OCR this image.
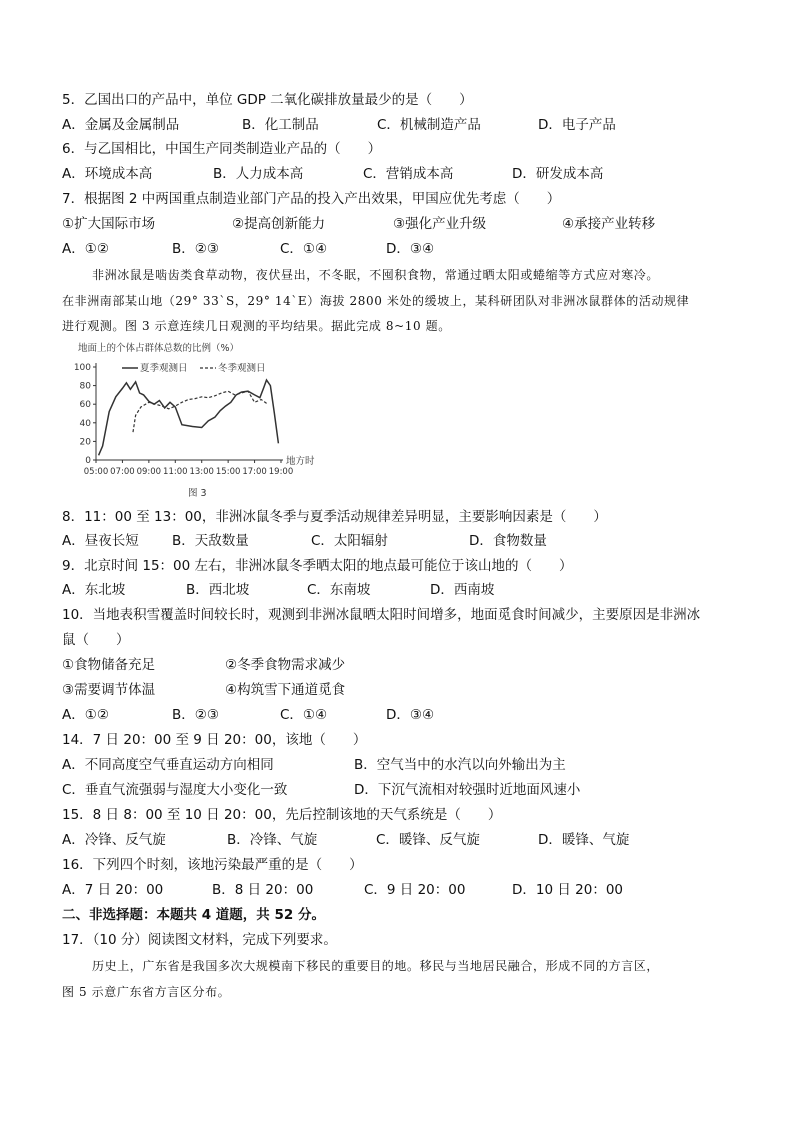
5．乙国出口的产品中，单位 GDP 二氧化碳排放量最少的是（　　）
A．金属及金属制品	B．化工制品	C．机械制造产品	D．电子产品
6．与乙国相比，中国生产同类制造业产品的（　　）
A．环境成本高	B．人力成本高	C．营销成本高	D．研发成本高
7．根据图 2 中两国重点制造业部门产品的投入产出效果，甲国应优先考虑（　　）
①扩大国际市场	②提高创新能力	③强化产业升级	④承接产业转移
A．①②	B．②③	C．①④	D．③④
非洲冰鼠是啮齿类食草动物，夜伏昼出，不冬眠，不囤积食物，常通过晒太阳或蜷缩等方式应对寒冷。
在非洲南部某山地（29° 33`S，29° 14`E）海拔 2800 米处的缓坡上，某科研团队对非洲冰鼠群体的活动规律
进行观测。图 3 示意连续几日观测的平均结果。据此完成 8~10 题。
地面上的个体占群体总数的比例（%）
0
20
40
60
80
100
05:00 07:00 09:00 11:00 13:00 15:00 17:00 19:00
夏季观测日	冬季观测日
地方时
图 3
8．11：00 至 13：00，非洲冰鼠冬季与夏季活动规律差异明显，主要影响因素是（　　）
A．昼夜长短 B．天敌数量	C．太阳辐射	D．食物数量
9．北京时间 15：00 左右，非洲冰鼠冬季晒太阳的地点最可能位于该山地的（　　）
A．东北坡	B．西北坡	C．东南坡	D．西南坡
10．当地表积雪覆盖时间较长时，观测到非洲冰鼠晒太阳时间增多，地面觅食时间减少，主要原因是非洲冰
鼠（　　）
①食物储备充足	②冬季食物需求减少
③需要调节体温	④构筑雪下通道觅食
A．①②	B．②③	C．①④	D．③④
14．7 日 20：00 至 9 日 20：00，该地（　　）
A．不同高度空气垂直运动方向相同	B．空气当中的水汽以向外输出为主
C．垂直气流强弱与湿度大小变化一致	D．下沉气流相对较强时近地面风速小
15．8 日 8：00 至 10 日 20：00，先后控制该地的天气系统是（　　）
A．冷锋、反气旋	B．冷锋、气旋	C．暖锋、反气旋	D．暖锋、气旋
16．下列四个时刻，该地污染最严重的是（　　）
A．7 日 20：00	B．8 日 20：00	C．9 日 20：00	D．10 日 20：00
二、非选择题：本题共 4 道题，共 52 分。
17．（10 分）阅读图文材料，完成下列要求。
历史上，广东省是我国多次大规模南下移民的重要目的地。移民与当地居民融合，形成不同的方言区，
图 5 示意广东省方言区分布。
